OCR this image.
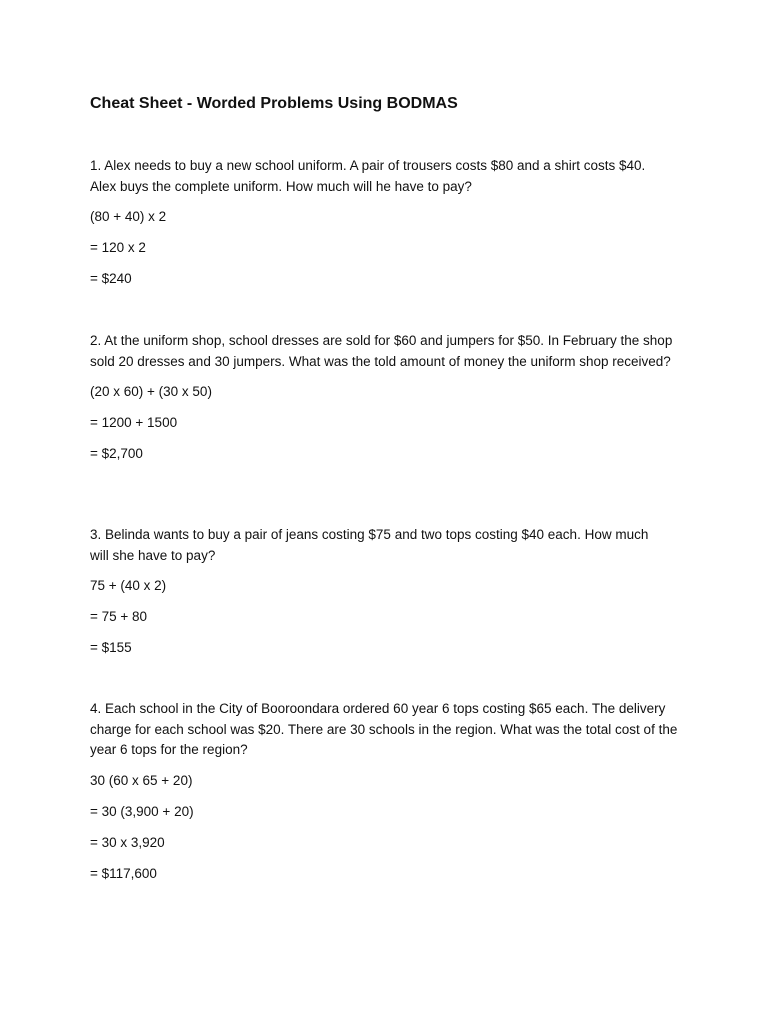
Cheat Sheet - Worded Problems Using BODMAS

1. Alex needs to buy a new school uniform. A pair of trousers costs $80 and a shirt costs $40. Alex buys the complete uniform. How much will he have to pay?

(80 + 40) x 2

= 120 x 2

= $240

2. At the uniform shop, school dresses are sold for $60 and jumpers for $50. In February the shop sold 20 dresses and 30 jumpers. What was the told amount of money the uniform shop received?

(20 x 60) + (30 x 50)

= 1200 + 1500

= $2,700

3. Belinda wants to buy a pair of jeans costing $75 and two tops costing $40 each. How much will she have to pay?

75 + (40 x 2)

= 75 + 80

= $155

4. Each school in the City of Booroondara ordered 60 year 6 tops costing $65 each. The delivery charge for each school was $20. There are 30 schools in the region. What was the total cost of the year 6 tops for the region?

30 (60 x 65 + 20)

= 30 (3,900 + 20)

= 30 x 3,920

= $117,600
